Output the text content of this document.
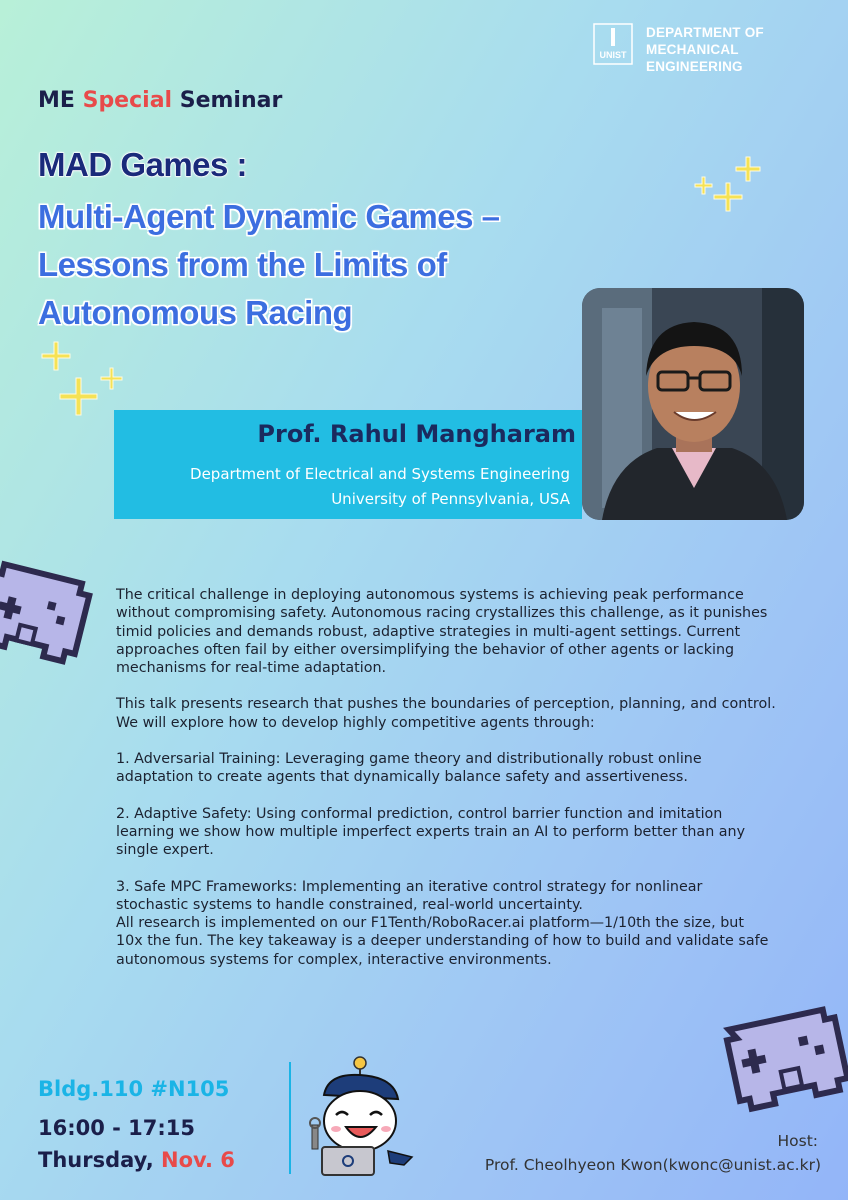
UNIST
DEPARTMENT OF
MECHANICAL ENGINEERING
ME Special Seminar
MAD Games :
Multi-Agent Dynamic Games –
Lessons from the Limits of
Autonomous Racing
Prof. Rahul Mangharam
Department of Electrical and Systems Engineering
University of Pennsylvania, USA

The critical challenge in deploying autonomous systems is achieving peak performance
without compromising safety. Autonomous racing crystallizes this challenge, as it punishes
timid policies and demands robust, adaptive strategies in multi-agent settings. Current
approaches often fail by either oversimplifying the behavior of other agents or lacking
mechanisms for real-time adaptation.

This talk presents research that pushes the boundaries of perception, planning, and control.
We will explore how to develop highly competitive agents through:

1. Adversarial Training: Leveraging game theory and distributionally robust online
adaptation to create agents that dynamically balance safety and assertiveness.

2. Adaptive Safety: Using conformal prediction, control barrier function and imitation
learning we show how multiple imperfect experts train an AI to perform better than any
single expert.

3. Safe MPC Frameworks: Implementing an iterative control strategy for nonlinear
stochastic systems to handle constrained, real-world uncertainty.
All research is implemented on our F1Tenth/RoboRacer.ai platform—1/10th the size, but
10x the fun. The key takeaway is a deeper understanding of how to build and validate safe
autonomous systems for complex, interactive environments.

Bldg.110 #N105
16:00 - 17:15
Thursday, Nov. 6
Host:
Prof. Cheolhyeon Kwon(kwonc@unist.ac.kr)
